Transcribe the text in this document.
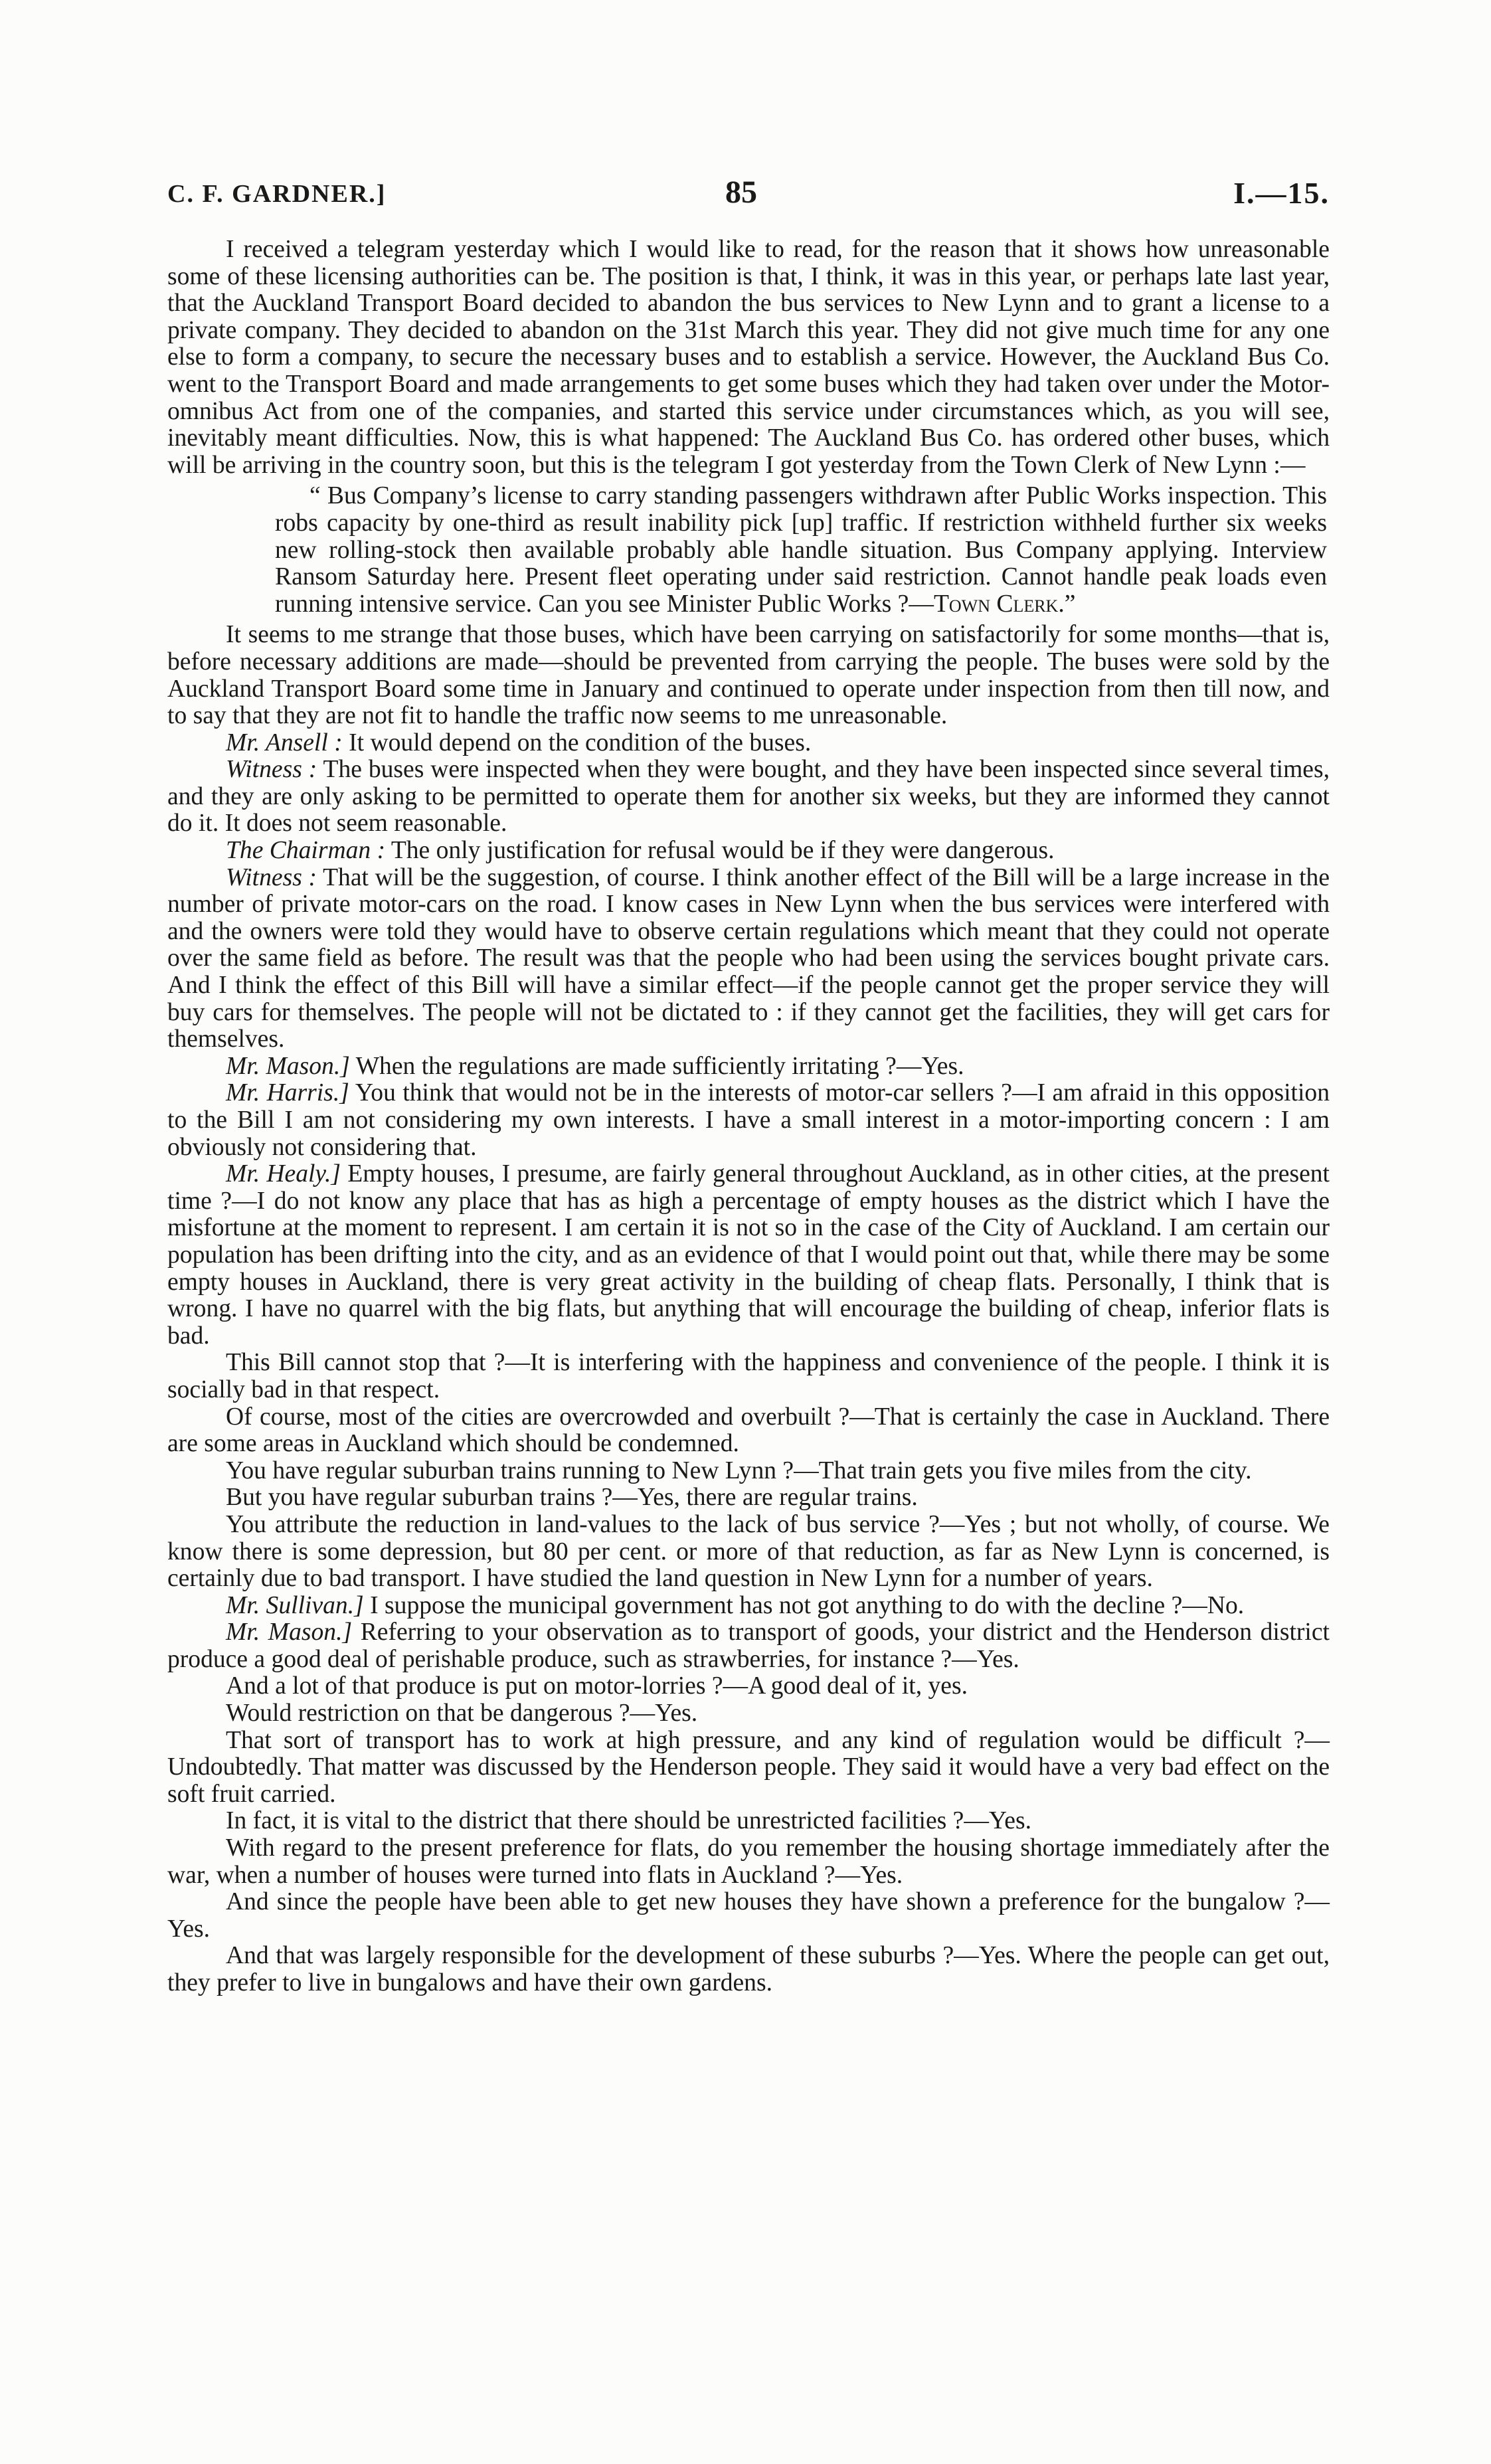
C. F. GARDNER.]	85	I.—15.

I received a telegram yesterday which I would like to read, for the reason that it shows how unreasonable some of these licensing authorities can be. The position is that, I think, it was in this year, or perhaps late last year, that the Auckland Transport Board decided to abandon the bus services to New Lynn and to grant a license to a private company. They decided to abandon on the 31st March this year. They did not give much time for any one else to form a company, to secure the necessary buses and to establish a service. However, the Auckland Bus Co. went to the Transport Board and made arrangements to get some buses which they had taken over under the Motor-omnibus Act from one of the companies, and started this service under circumstances which, as you will see, inevitably meant difficulties. Now, this is what happened: The Auckland Bus Co. has ordered other buses, which will be arriving in the country soon, but this is the telegram I got yesterday from the Town Clerk of New Lynn :—

“ Bus Company’s license to carry standing passengers withdrawn after Public Works inspection. This robs capacity by one-third as result inability pick [up] traffic. If restriction withheld further six weeks new rolling-stock then available probably able handle situation. Bus Company applying. Interview Ransom Saturday here. Present fleet operating under said restriction. Cannot handle peak loads even running intensive service. Can you see Minister Public Works ?—Town Clerk.”

It seems to me strange that those buses, which have been carrying on satisfactorily for some months—that is, before necessary additions are made—should be prevented from carrying the people. The buses were sold by the Auckland Transport Board some time in January and continued to operate under inspection from then till now, and to say that they are not fit to handle the traffic now seems to me unreasonable.

Mr. Ansell : It would depend on the condition of the buses.

Witness : The buses were inspected when they were bought, and they have been inspected since several times, and they are only asking to be permitted to operate them for another six weeks, but they are informed they cannot do it. It does not seem reasonable.

The Chairman : The only justification for refusal would be if they were dangerous.

Witness : That will be the suggestion, of course. I think another effect of the Bill will be a large increase in the number of private motor-cars on the road. I know cases in New Lynn when the bus services were interfered with and the owners were told they would have to observe certain regulations which meant that they could not operate over the same field as before. The result was that the people who had been using the services bought private cars. And I think the effect of this Bill will have a similar effect—if the people cannot get the proper service they will buy cars for themselves. The people will not be dictated to : if they cannot get the facilities, they will get cars for themselves.

Mr. Mason.] When the regulations are made sufficiently irritating ?—Yes.

Mr. Harris.] You think that would not be in the interests of motor-car sellers ?—I am afraid in this opposition to the Bill I am not considering my own interests. I have a small interest in a motor-importing concern : I am obviously not considering that.

Mr. Healy.] Empty houses, I presume, are fairly general throughout Auckland, as in other cities, at the present time ?—I do not know any place that has as high a percentage of empty houses as the district which I have the misfortune at the moment to represent. I am certain it is not so in the case of the City of Auckland. I am certain our population has been drifting into the city, and as an evidence of that I would point out that, while there may be some empty houses in Auckland, there is very great activity in the building of cheap flats. Personally, I think that is wrong. I have no quarrel with the big flats, but anything that will encourage the building of cheap, inferior flats is bad.

This Bill cannot stop that ?—It is interfering with the happiness and convenience of the people. I think it is socially bad in that respect.

Of course, most of the cities are overcrowded and overbuilt ?—That is certainly the case in Auckland. There are some areas in Auckland which should be condemned.

You have regular suburban trains running to New Lynn ?—That train gets you five miles from the city.

But you have regular suburban trains ?—Yes, there are regular trains.

You attribute the reduction in land-values to the lack of bus service ?—Yes ; but not wholly, of course. We know there is some depression, but 80 per cent. or more of that reduction, as far as New Lynn is concerned, is certainly due to bad transport. I have studied the land question in New Lynn for a number of years.

Mr. Sullivan.] I suppose the municipal government has not got anything to do with the decline ?—No.

Mr. Mason.] Referring to your observation as to transport of goods, your district and the Henderson district produce a good deal of perishable produce, such as strawberries, for instance ?—Yes.

And a lot of that produce is put on motor-lorries ?—A good deal of it, yes.

Would restriction on that be dangerous ?—Yes.

That sort of transport has to work at high pressure, and any kind of regulation would be difficult ?—Undoubtedly. That matter was discussed by the Henderson people. They said it would have a very bad effect on the soft fruit carried.

In fact, it is vital to the district that there should be unrestricted facilities ?—Yes.

With regard to the present preference for flats, do you remember the housing shortage immediately after the war, when a number of houses were turned into flats in Auckland ?—Yes.

And since the people have been able to get new houses they have shown a preference for the bungalow ?—Yes.

And that was largely responsible for the development of these suburbs ?—Yes. Where the people can get out, they prefer to live in bungalows and have their own gardens.
